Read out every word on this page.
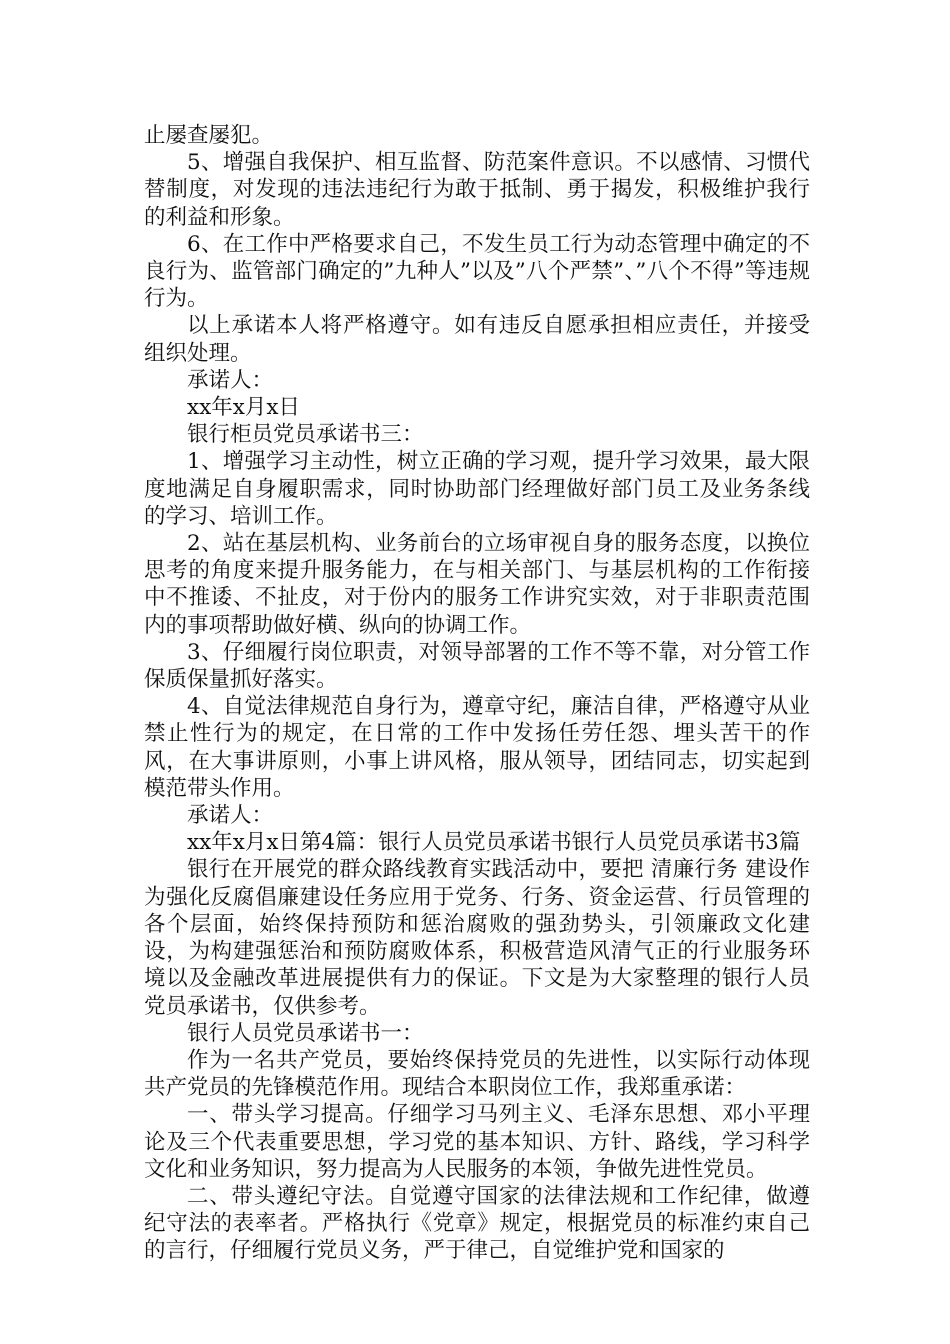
止屡查屡犯。

5、增强自我保护、相互监督、防范案件意识。不以感情、习惯代替制度，对发现的违法违纪行为敢于抵制、勇于揭发，积极维护我行的利益和形象。

6、在工作中严格要求自己，不发生员工行为动态管理中确定的不良行为、监管部门确定的”九种人”以及”八个严禁”、”八个不得”等违规行为。

以上承诺本人将严格遵守。如有违反自愿承担相应责任，并接受组织处理。

承诺人：

xx年x月x日

银行柜员党员承诺书三：

1、增强学习主动性，树立正确的学习观，提升学习效果，最大限度地满足自身履职需求，同时协助部门经理做好部门员工及业务条线的学习、培训工作。

2、站在基层机构、业务前台的立场审视自身的服务态度，以换位思考的角度来提升服务能力，在与相关部门、与基层机构的工作衔接中不推诿、不扯皮，对于份内的服务工作讲究实效，对于非职责范围内的事项帮助做好横、纵向的协调工作。

3、仔细履行岗位职责，对领导部署的工作不等不靠，对分管工作保质保量抓好落实。

4、自觉法律规范自身行为，遵章守纪，廉洁自律，严格遵守从业禁止性行为的规定，在日常的工作中发扬任劳任怨、埋头苦干的作风，在大事讲原则，小事上讲风格，服从领导，团结同志，切实起到模范带头作用。

承诺人：

xx年x月x日第4篇：银行人员党员承诺书银行人员党员承诺书3篇

银行在开展党的群众路线教育实践活动中，要把 清廉行务 建设作为强化反腐倡廉建设任务应用于党务、行务、资金运营、行员管理的各个层面，始终保持预防和惩治腐败的强劲势头，引领廉政文化建设，为构建强惩治和预防腐败体系，积极营造风清气正的行业服务环境以及金融改革进展提供有力的保证。下文是为大家整理的银行人员党员承诺书，仅供参考。

银行人员党员承诺书一：

作为一名共产党员，要始终保持党员的先进性，以实际行动体现共产党员的先锋模范作用。现结合本职岗位工作，我郑重承诺：

一、带头学习提高。仔细学习马列主义、毛泽东思想、邓小平理论及三个代表重要思想，学习党的基本知识、方针、路线，学习科学文化和业务知识，努力提高为人民服务的本领，争做先进性党员。

二、带头遵纪守法。自觉遵守国家的法律法规和工作纪律，做遵纪守法的表率者。严格执行《党章》规定，根据党员的标准约束自己的言行，仔细履行党员义务，严于律己，自觉维护党和国家的
